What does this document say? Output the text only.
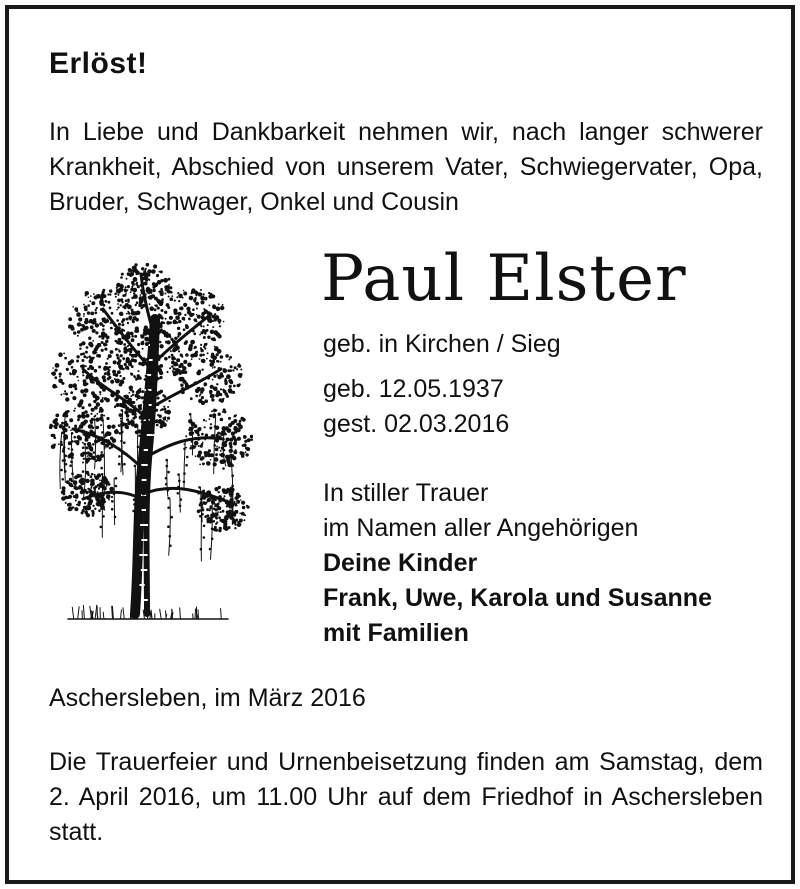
Erlöst!

In Liebe und Dankbarkeit nehmen wir, nach langer schwerer Krankheit, Abschied von unserem Vater, Schwiegervater, Opa, Bruder, Schwager, Onkel und Cousin

Paul Elster

geb. in Kirchen / Sieg

geb. 12.05.1937

gest. 02.03.2016

In stiller Trauer

im Namen aller Angehörigen

Deine Kinder

Frank, Uwe, Karola und Susanne

mit Familien

Aschersleben, im März 2016

Die Trauerfeier und Urnenbeisetzung finden am Samstag, dem 2. April 2016, um 11.00 Uhr auf dem Friedhof in Aschersleben statt.
